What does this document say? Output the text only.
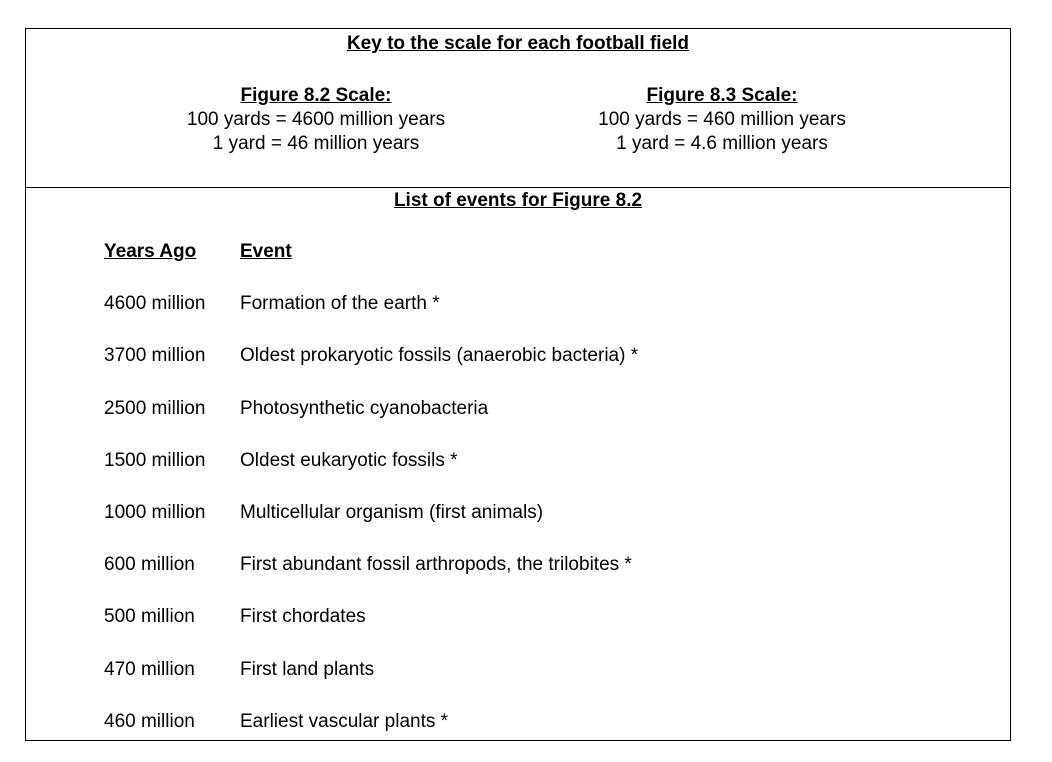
Key to the scale for each football field
Figure 8.2 Scale:
100 yards = 4600 million years
1 yard = 46 million years
Figure 8.3 Scale:
100 yards = 460 million years
1 yard = 4.6 million years
List of events for Figure 8.2
Years Ago Event
4600 million Formation of the earth *
3700 million Oldest prokaryotic fossils (anaerobic bacteria) *
2500 million Photosynthetic cyanobacteria
1500 million Oldest eukaryotic fossils *
1000 million Multicellular organism (first animals)
600 million First abundant fossil arthropods, the trilobites *
500 million First chordates
470 million First land plants
460 million Earliest vascular plants *
